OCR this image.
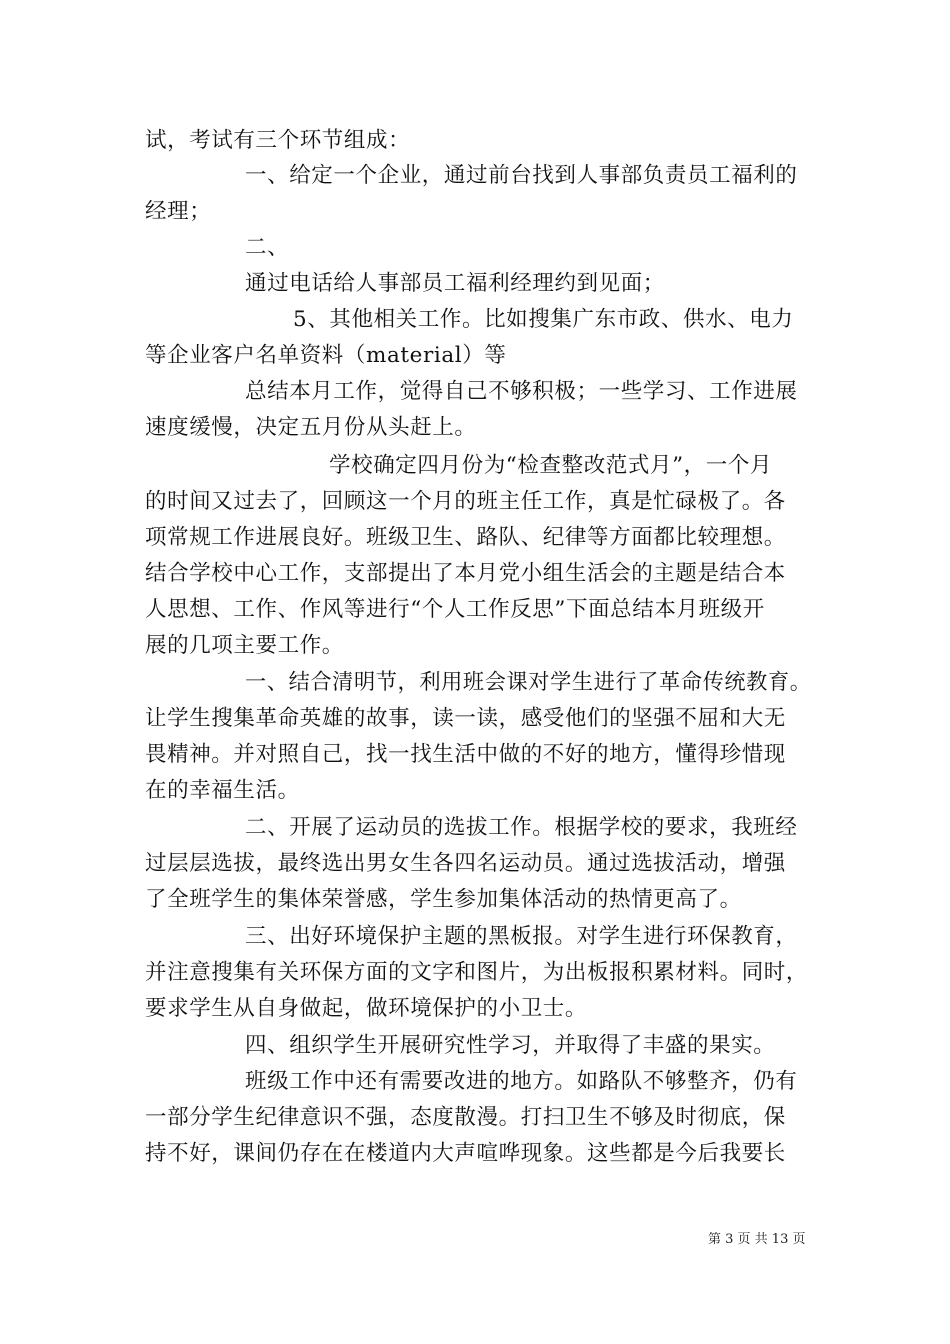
试，考试有三个环节组成：
一、给定一个企业，通过前台找到人事部负责员工福利的
经理；
二、
通过电话给人事部员工福利经理约到见面；
5、其他相关工作。比如搜集广东市政、供水、电力
等企业客户名单资料（material）等
总结本月工作，觉得自己不够积极；一些学习、工作进展
速度缓慢，决定五月份从头赶上。
学校确定四月份为“检查整改范式月”，一个月
的时间又过去了，回顾这一个月的班主任工作，真是忙碌极了。各
项常规工作进展良好。班级卫生、路队、纪律等方面都比较理想。
结合学校中心工作，支部提出了本月党小组生活会的主题是结合本
人思想、工作、作风等进行“个人工作反思”下面总结本月班级开
展的几项主要工作。
一、结合清明节，利用班会课对学生进行了革命传统教育。
让学生搜集革命英雄的故事，读一读，感受他们的坚强不屈和大无
畏精神。并对照自己，找一找生活中做的不好的地方，懂得珍惜现
在的幸福生活。
二、开展了运动员的选拔工作。根据学校的要求，我班经
过层层选拔，最终选出男女生各四名运动员。通过选拔活动，增强
了全班学生的集体荣誉感，学生参加集体活动的热情更高了。
三、出好环境保护主题的黑板报。对学生进行环保教育，
并注意搜集有关环保方面的文字和图片，为出板报积累材料。同时，
要求学生从自身做起，做环境保护的小卫士。
四、组织学生开展研究性学习，并取得了丰盛的果实。
班级工作中还有需要改进的地方。如路队不够整齐，仍有
一部分学生纪律意识不强，态度散漫。打扫卫生不够及时彻底，保
持不好，课间仍存在在楼道内大声喧哗现象。这些都是今后我要长
第 3 页 共 13 页
